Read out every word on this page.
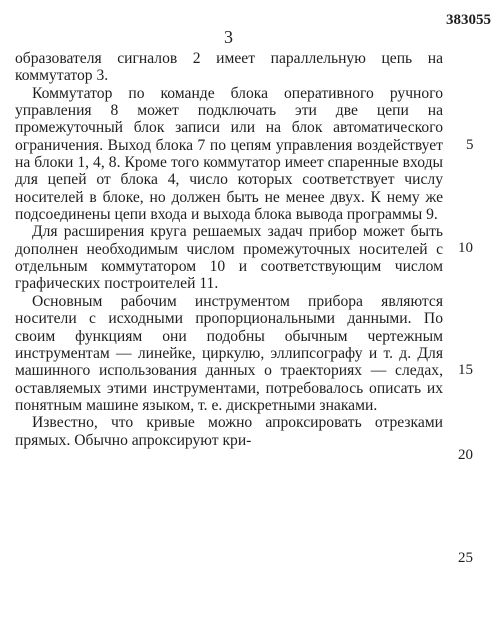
3
383055

образователя сигналов 2 имеет параллельную цепь на коммутатор 3.

Коммутатор по команде блока оперативного ручного управления 8 может подключать эти две цепи на промежуточный блок записи или на блок автоматического ограничения. Выход блока 7 по цепям управления воздействует на блоки 1, 4, 8. Кроме того коммутатор имеет спаренные входы для цепей от блока 4, число которых соответствует числу носителей в блоке, но должен быть не менее двух. К нему же подсоединены цепи входа и выхода блока вывода программы 9.

Для расширения круга решаемых задач прибор может быть дополнен необходимым числом промежуточных носителей с отдельным коммутатором 10 и соответствующим числом графических построителей 11.

Основным рабочим инструментом прибора являются носители с исходными пропорциональными данными. По своим функциям они подобны обычным чертежным инструментам — линейке, циркулю, эллипсографу и т. д. Для машинного использования данных о траекториях — следах, оставляемых этими инструментами, потребовалось описать их понятным машине языком, т. е. дискретными знаками.

Известно, что кривые можно апроксировать отрезками прямых. Обычно апроксируют кри-

5
10
15
20
25
